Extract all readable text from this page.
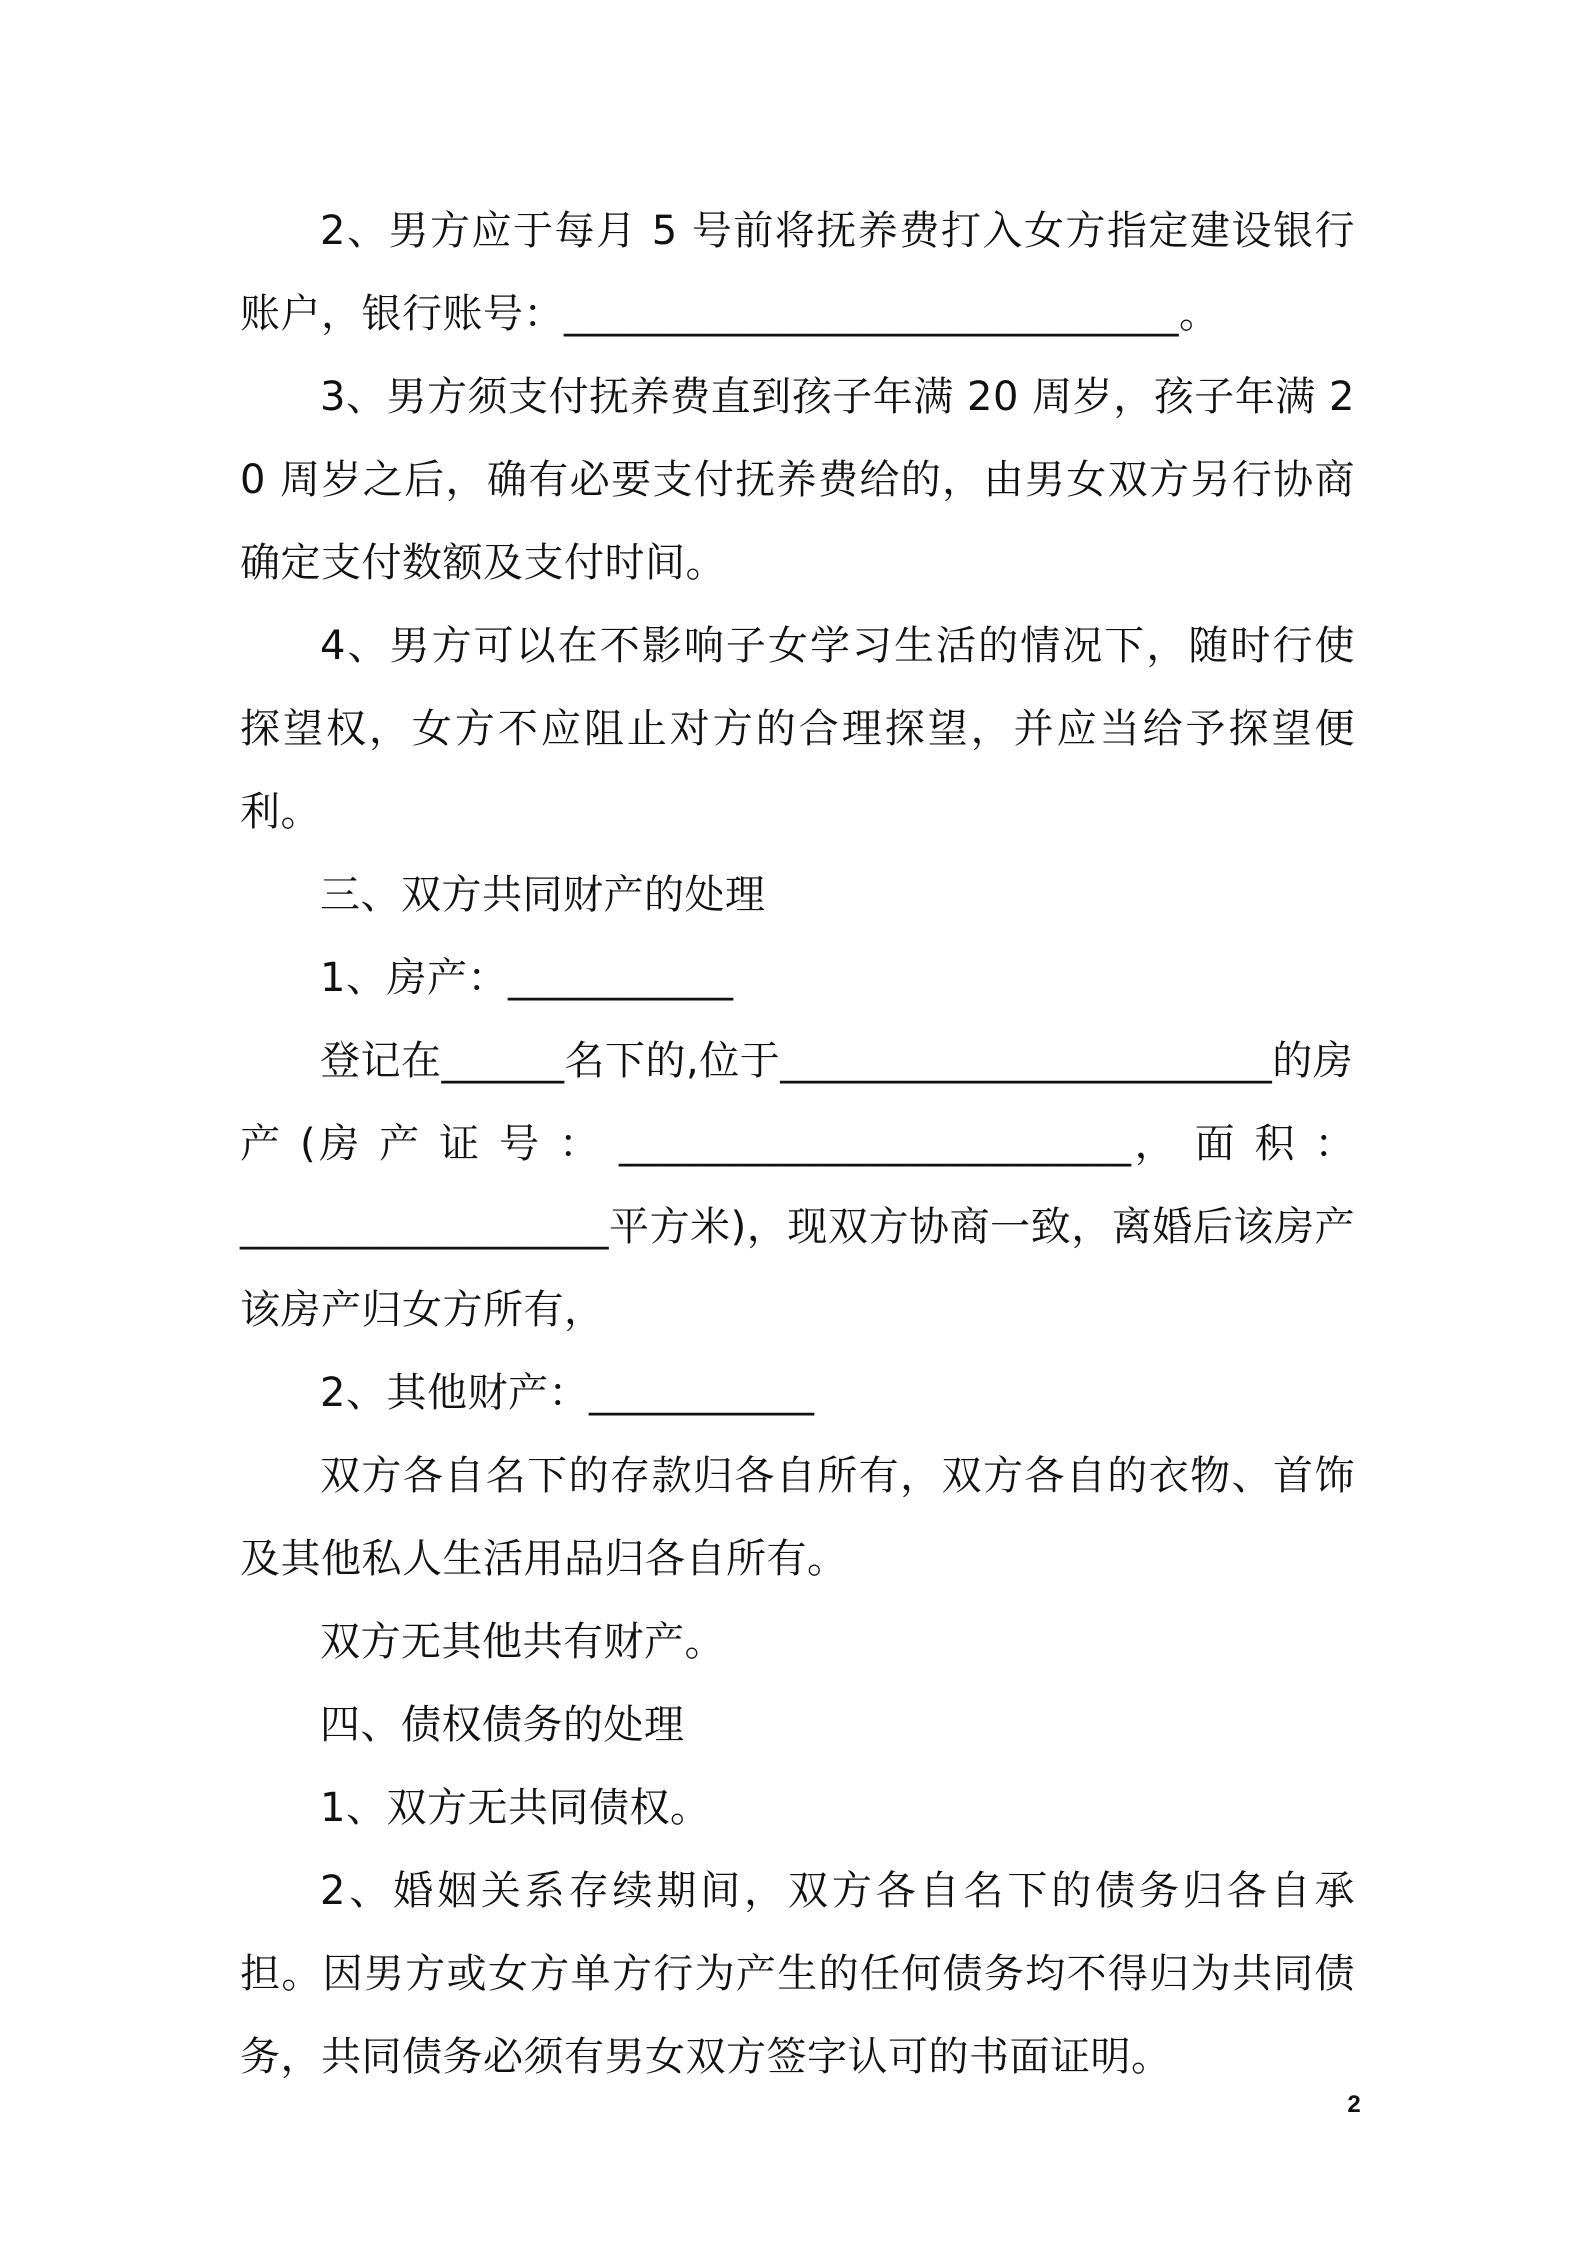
2、男方应于每月 5 号前将抚养费打入女方指定建设银行账户，银行账号：______________________________。

3、男方须支付抚养费直到孩子年满 20 周岁，孩子年满 20 周岁之后，确有必要支付抚养费给的，由男女双方另行协商确定支付数额及支付时间。

4、男方可以在不影响子女学习生活的情况下，随时行使探望权，女方不应阻止对方的合理探望，并应当给予探望便利。

三、双方共同财产的处理

1、房产：___________

登记在______名下的,位于________________________的房

产 (房 产 证 号 ： _________________________， 面 积 ：

__________________平方米)，现双方协商一致，离婚后该房产该房产归女方所有，

2、其他财产：___________

双方各自名下的存款归各自所有，双方各自的衣物、首饰及其他私人生活用品归各自所有。

双方无其他共有财产。

四、债权债务的处理

1、双方无共同债权。

2、婚姻关系存续期间，双方各自名下的债务归各自承担。因男方或女方单方行为产生的任何债务均不得归为共同债务，共同债务必须有男女双方签字认可的书面证明。

2
